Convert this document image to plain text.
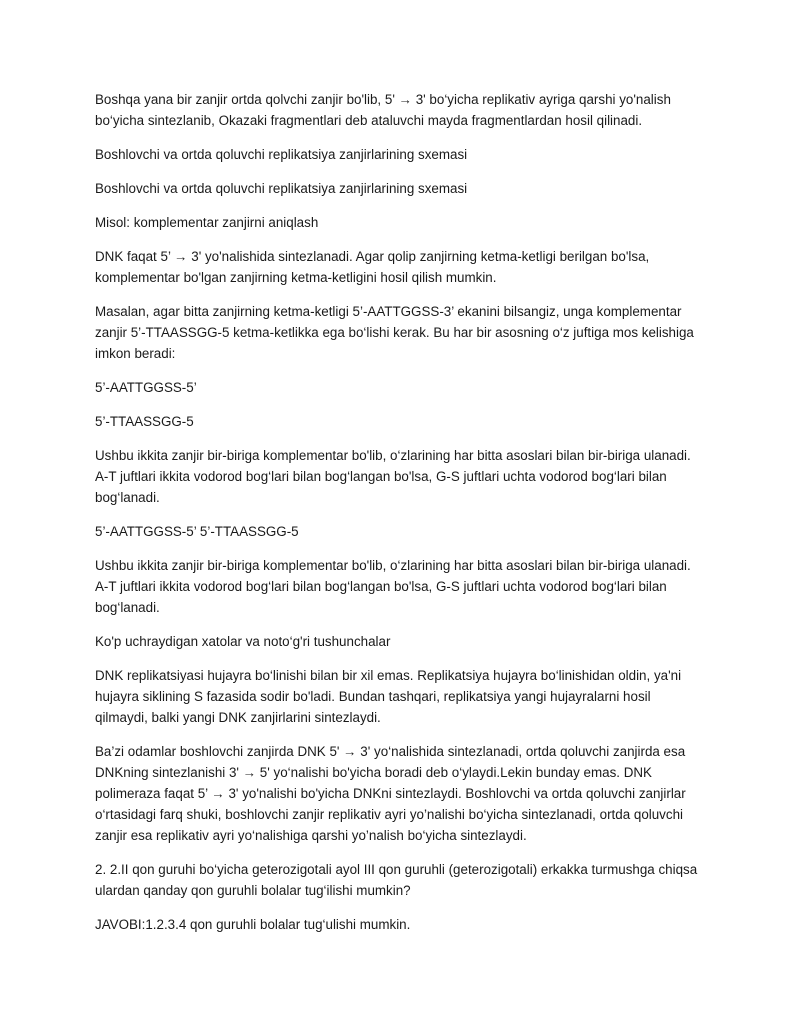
Boshqa yana bir zanjir ortda qolvchi zanjir bo'lib, 5' → 3' bo‘yicha replikativ ayriga qarshi yo'nalish bo‘yicha sintezlanib, Okazaki fragmentlari deb ataluvchi mayda fragmentlardan hosil qilinadi.

Boshlovchi va ortda qoluvchi replikatsiya zanjirlarining sxemasi

Boshlovchi va ortda qoluvchi replikatsiya zanjirlarining sxemasi

Misol: komplementar zanjirni aniqlash

DNK faqat 5’ → 3' yo'nalishida sintezlanadi. Agar qolip zanjirning ketma-ketligi berilgan bo'lsa, komplementar bo'lgan zanjirning ketma-ketligini hosil qilish mumkin.

Masalan, agar bitta zanjirning ketma-ketligi 5’-AATTGGSS-3’ ekanini bilsangiz, unga komplementar zanjir 5’-TTAASSGG-5 ketma-ketlikka ega bo‘lishi kerak. Bu har bir asosning o‘z juftiga mos kelishiga imkon beradi:

5’-AATTGGSS-5’

5’-TTAASSGG-5

Ushbu ikkita zanjir bir-biriga komplementar bo'lib, o‘zlarining har bitta asoslari bilan bir-biriga ulanadi. A-T juftlari ikkita vodorod bog‘lari bilan bog‘langan bo'lsa, G-S juftlari uchta vodorod bog‘lari bilan bog‘lanadi.

5’-AATTGGSS-5’ 5’-TTAASSGG-5

Ushbu ikkita zanjir bir-biriga komplementar bo'lib, o‘zlarining har bitta asoslari bilan bir-biriga ulanadi. A-T juftlari ikkita vodorod bog‘lari bilan bog‘langan bo'lsa, G-S juftlari uchta vodorod bog‘lari bilan bog‘lanadi.

Ko'p uchraydigan xatolar va noto‘g'ri tushunchalar

DNK replikatsiyasi hujayra bo‘linishi bilan bir xil emas. Replikatsiya hujayra bo‘linishidan oldin, ya'ni hujayra siklining S fazasida sodir bo'ladi. Bundan tashqari, replikatsiya yangi hujayralarni hosil qilmaydi, balki yangi DNK zanjirlarini sintezlaydi.

Ba’zi odamlar boshlovchi zanjirda DNK 5' → 3' yo‘nalishida sintezlanadi, ortda qoluvchi zanjirda esa DNKning sintezlanishi 3' → 5' yo‘nalishi bo'yicha boradi deb o‘ylaydi.Lekin bunday emas. DNK polimeraza faqat 5’ → 3' yo'nalishi bo'yicha DNKni sintezlaydi. Boshlovchi va ortda qoluvchi zanjirlar o‘rtasidagi farq shuki, boshlovchi zanjir replikativ ayri yo’nalishi bo‘yicha sintezlanadi, ortda qoluvchi zanjir esa replikativ ayri yo‘nalishiga qarshi yo’nalish bo‘yicha sintezlaydi.

2. 2.II qon guruhi bo‘yicha geterozigotali ayol III qon guruhli (geterozigotali) erkakka turmushga chiqsa ulardan qanday qon guruhli bolalar tug‘ilishi mumkin?

JAVOBI:1.2.3.4 qon guruhli bolalar tug‘ulishi mumkin.
